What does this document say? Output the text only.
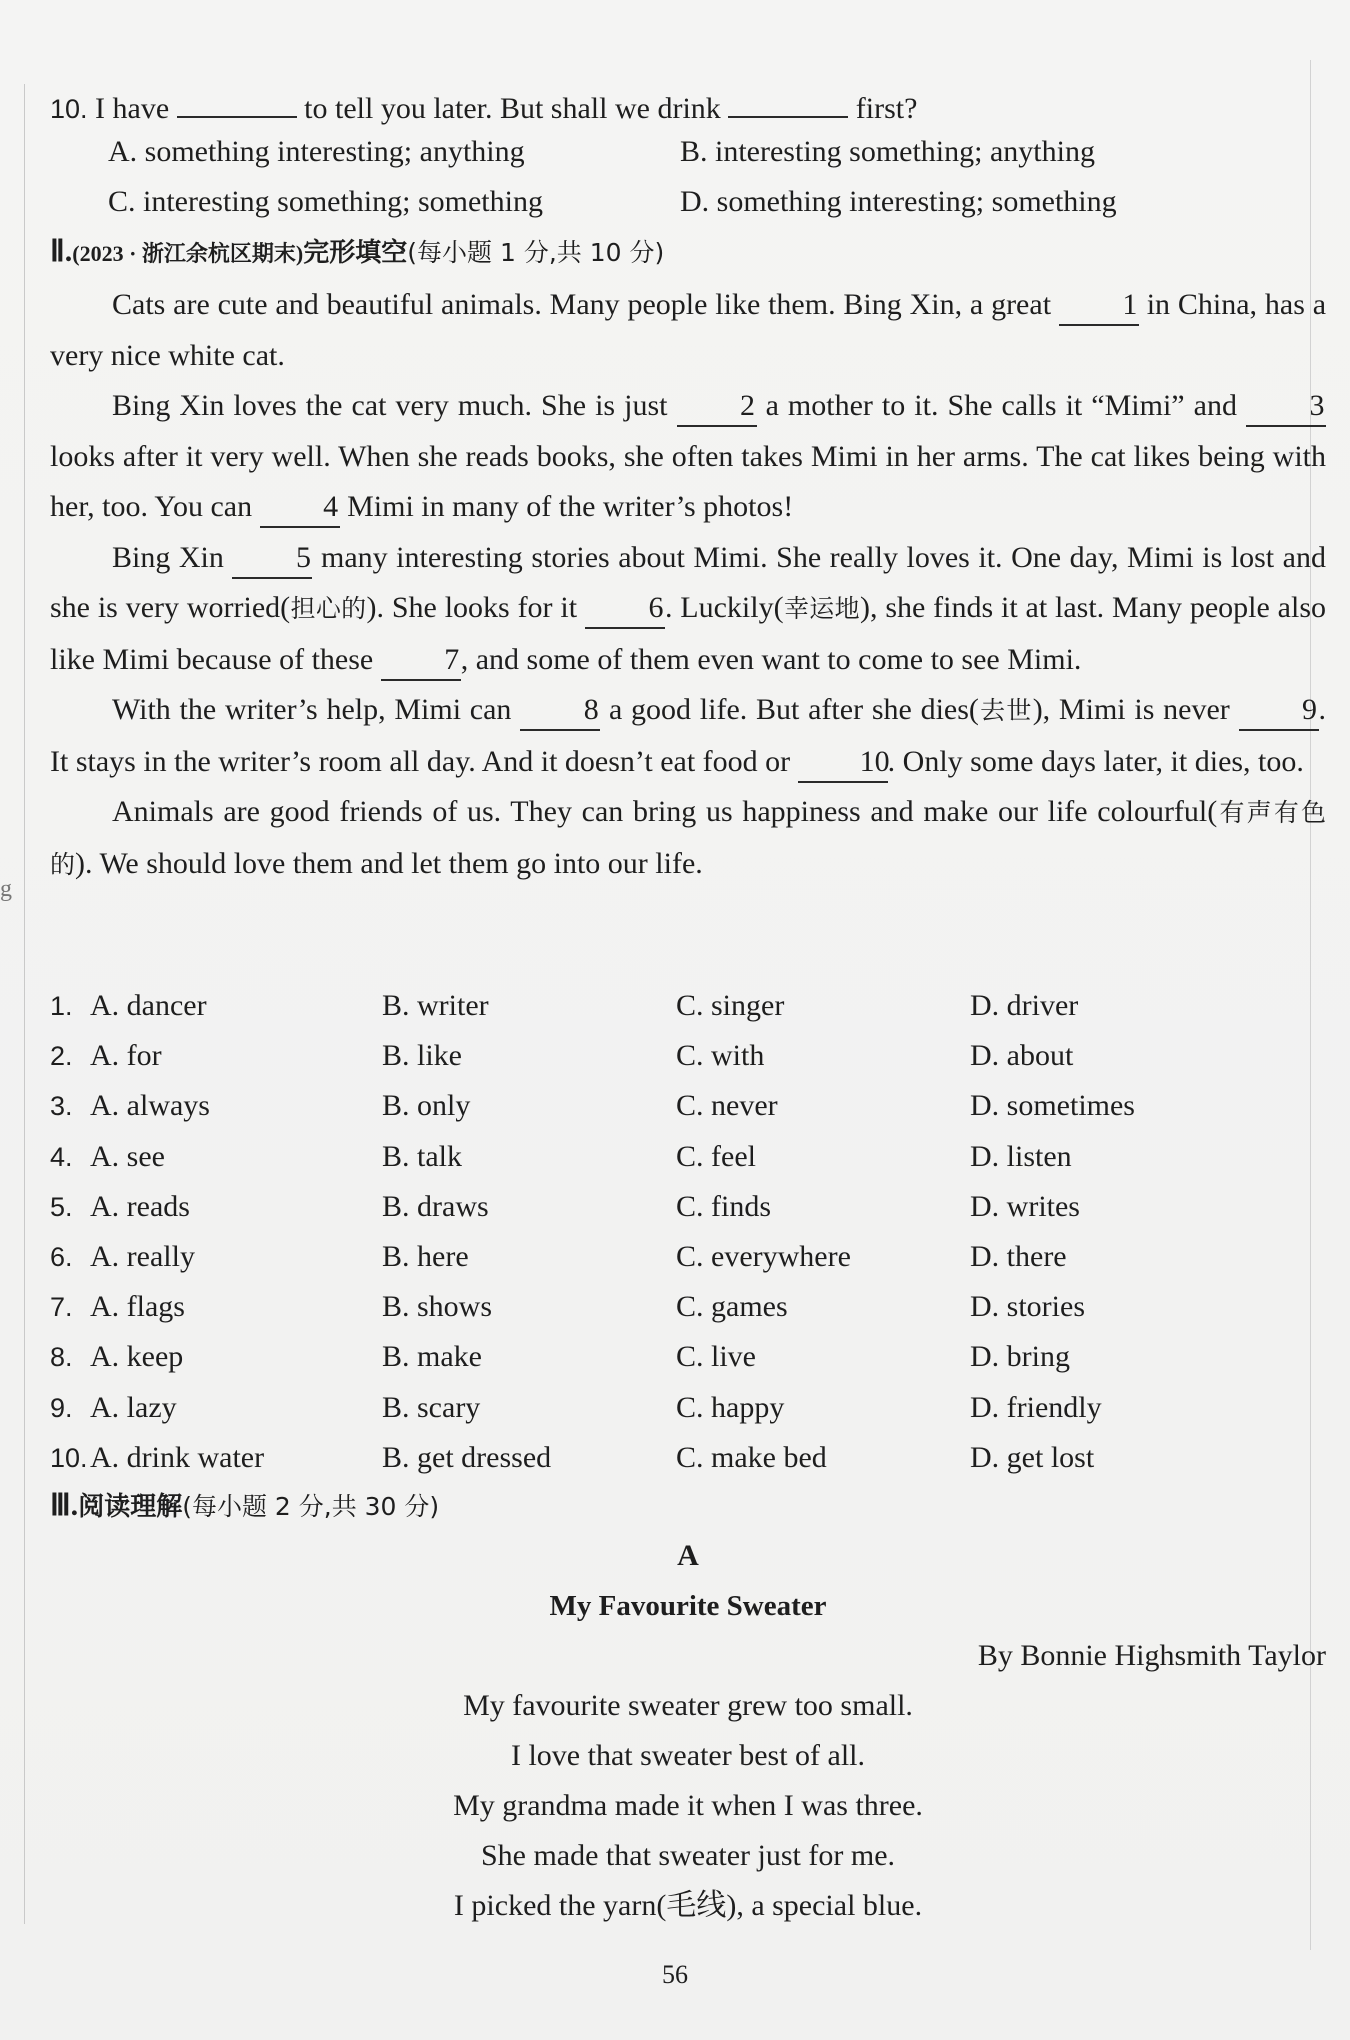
g
10. I have	to tell you later. But shall we drink	first?
A. something interesting; anything	B. interesting something; anything
C. interesting something; something	D. something interesting; something
Ⅱ.(2023 · 浙江余杭区期末)完形填空(每小题 1 分,共 10 分)

Cats are cute and beautiful animals. Many people like them. Bing Xin, a great 1 in China, has a very nice white cat.

Bing Xin loves the cat very much. She is just 2 a mother to it. She calls it “Mimi” and 3 looks after it very well. When she reads books, she often takes Mimi in her arms. The cat likes being with her, too. You can 4 Mimi in many of the writer’s photos!

Bing Xin 5 many interesting stories about Mimi. She really loves it. One day, Mimi is lost and she is very worried(担心的). She looks for it 6. Luckily(幸运地), she finds it at last. Many people also like Mimi because of these 7, and some of them even want to come to see Mimi.

With the writer’s help, Mimi can 8 a good life. But after she dies(去世), Mimi is never 9. It stays in the writer’s room all day. And it doesn’t eat food or 10. Only some days later, it dies, too.

Animals are good friends of us. They can bring us happiness and make our life colourful(有声有色的). We should love them and let them go into our life.

1. A. dancer	B. writer	C. singer	D. driver
2. A. for	B. like	C. with	D. about
3. A. always	B. only	C. never	D. sometimes
4. A. see	B. talk	C. feel	D. listen
5. A. reads	B. draws	C. finds	D. writes
6. A. really	B. here	C. everywhere	D. there
7. A. flags	B. shows	C. games	D. stories
8. A. keep	B. make	C. live	D. bring
9. A. lazy	B. scary	C. happy	D. friendly
10. A. drink water	B. get dressed	C. make bed	D. get lost
Ⅲ.阅读理解(每小题 2 分,共 30 分)
A
My Favourite Sweater
By Bonnie Highsmith Taylor
My favourite sweater grew too small.
I love that sweater best of all.
My grandma made it when I was three.
She made that sweater just for me.
I picked the yarn(毛线), a special blue.
56
